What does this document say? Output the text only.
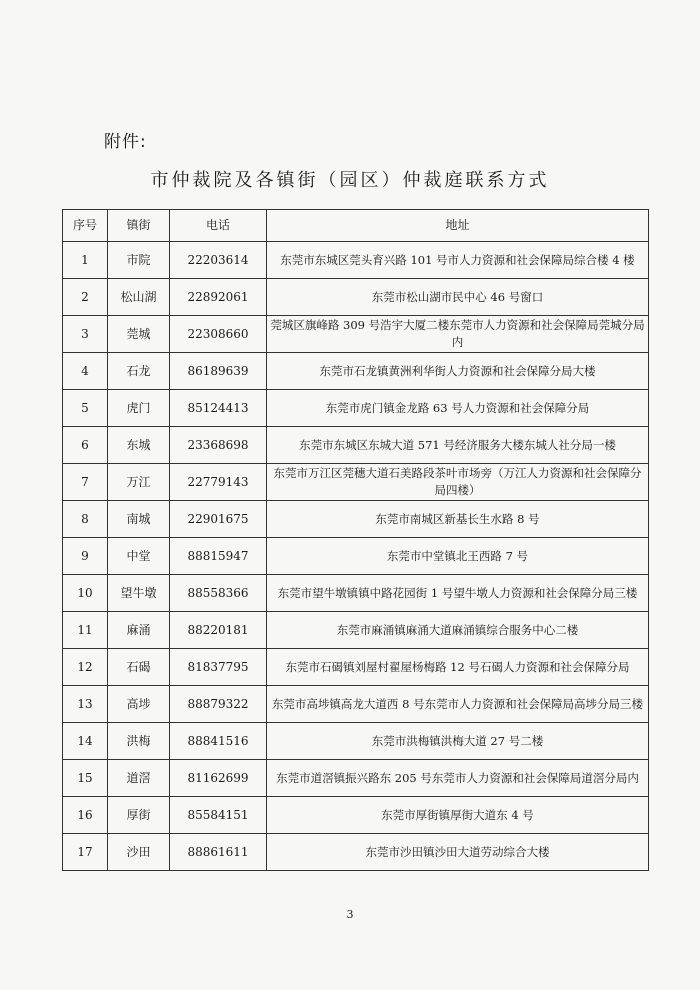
附件:
市仲裁院及各镇街（园区）仲裁庭联系方式
序号	镇街	电话	地址
1	市院	22203614	东莞市东城区莞头育兴路 101 号市人力资源和社会保障局综合楼 4 楼
2	松山湖	22892061	东莞市松山湖市民中心 46 号窗口
3	莞城	22308660	莞城区旗峰路 309 号浩宇大厦二楼东莞市人力资源和社会保障局莞城分局内
4	石龙	86189639	东莞市石龙镇黄洲利华街人力资源和社会保障分局大楼
5	虎门	85124413	东莞市虎门镇金龙路 63 号人力资源和社会保障分局
6	东城	23368698	东莞市东城区东城大道 571 号经济服务大楼东城人社分局一楼
7	万江	22779143	东莞市万江区莞穗大道石美路段茶叶市场旁（万江人力资源和社会保障分局四楼）
8	南城	22901675	东莞市南城区新基长生水路 8 号
9	中堂	88815947	东莞市中堂镇北王西路 7 号
10	望牛墩	88558366	东莞市望牛墩镇镇中路花园街 1 号望牛墩人力资源和社会保障分局三楼
11	麻涌	88220181	东莞市麻涌镇麻涌大道麻涌镇综合服务中心二楼
12	石碣	81837795	东莞市石碣镇刘屋村翟屋杨梅路 12 号石碣人力资源和社会保障分局
13	高埗	88879322	东莞市高埗镇高龙大道西 8 号东莞市人力资源和社会保障局高埗分局三楼
14	洪梅	88841516	东莞市洪梅镇洪梅大道 27 号二楼
15	道滘	81162699	东莞市道滘镇振兴路东 205 号东莞市人力资源和社会保障局道滘分局内
16	厚街	85584151	东莞市厚街镇厚街大道东 4 号
17	沙田	88861611	东莞市沙田镇沙田大道劳动综合大楼
3
